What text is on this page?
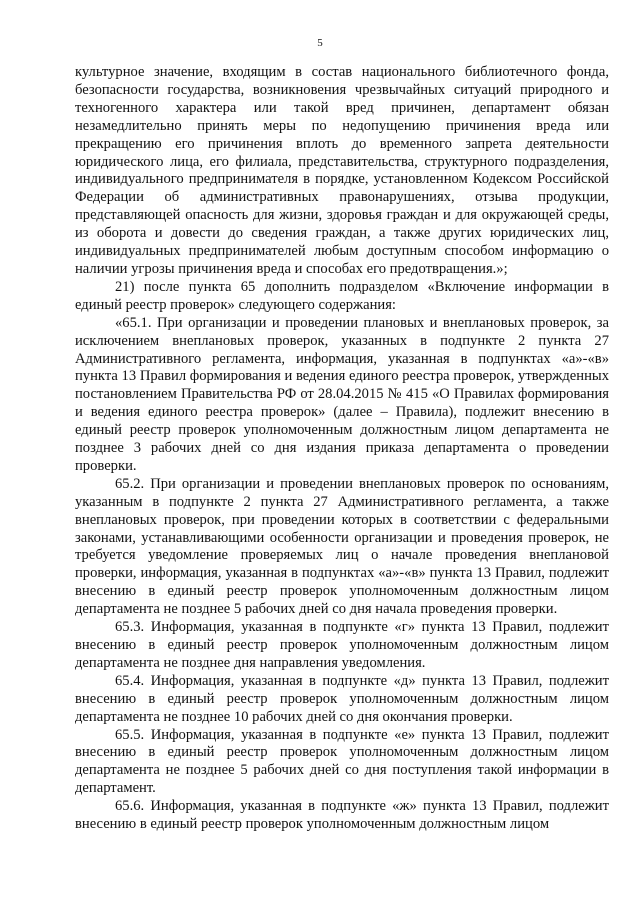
5

культурное значение, входящим в состав национального библиотечного фонда, безопасности государства, возникновения чрезвычайных ситуаций природного и техногенного характера или такой вред причинен, департамент обязан незамедлительно принять меры по недопущению причинения вреда или прекращению его причинения вплоть до временного запрета деятельности юридического лица, его филиала, представительства, структурного подразделения, индивидуального предпринимателя в порядке, установленном Кодексом Российской Федерации об административных правонарушениях, отзыва продукции, представляющей опасность для жизни, здоровья граждан и для окружающей среды, из оборота и довести до сведения граждан, а также других юридических лиц, индивидуальных предпринимателей любым доступным способом информацию о наличии угрозы причинения вреда и способах его предотвращения.»;

21) после пункта 65 дополнить подразделом «Включение информации в единый реестр проверок» следующего содержания:

«65.1. При организации и проведении плановых и внеплановых проверок, за исключением внеплановых проверок, указанных в подпункте 2 пункта 27 Административного регламента, информация, указанная в подпунктах «а»-«в» пункта 13 Правил формирования и ведения единого реестра проверок, утвержденных постановлением Правительства РФ от 28.04.2015 № 415 «О Правилах формирования и ведения единого реестра проверок» (далее – Правила), подлежит внесению в единый реестр проверок уполномоченным должностным лицом департамента не позднее 3 рабочих дней со дня издания приказа департамента о проведении проверки.

65.2. При организации и проведении внеплановых проверок по основаниям, указанным в подпункте 2 пункта 27 Административного регламента, а также внеплановых проверок, при проведении которых в соответствии с федеральными законами, устанавливающими особенности организации и проведения проверок, не требуется уведомление проверяемых лиц о начале проведения внеплановой проверки, информация, указанная в подпунктах «а»-«в» пункта 13 Правил, подлежит внесению в единый реестр проверок уполномоченным должностным лицом департамента не позднее 5 рабочих дней со дня начала проведения проверки.

65.3. Информация, указанная в подпункте «г» пункта 13 Правил, подлежит внесению в единый реестр проверок уполномоченным должностным лицом департамента не позднее дня направления уведомления.

65.4. Информация, указанная в подпункте «д» пункта 13 Правил, подлежит внесению в единый реестр проверок уполномоченным должностным лицом департамента не позднее 10 рабочих дней со дня окончания проверки.

65.5. Информация, указанная в подпункте «е» пункта 13 Правил, подлежит внесению в единый реестр проверок уполномоченным должностным лицом департамента не позднее 5 рабочих дней со дня поступления такой информации в департамент.

65.6. Информация, указанная в подпункте «ж» пункта 13 Правил, подлежит внесению в единый реестр проверок уполномоченным должностным лицом
